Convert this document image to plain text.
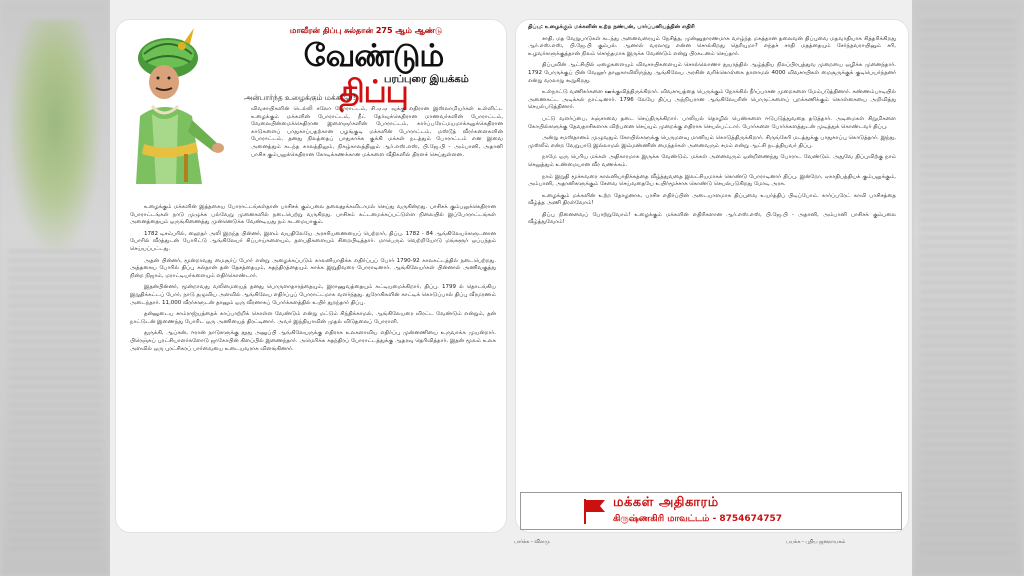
மாவீரன் திப்பு சுல்தான் 275 ஆம் ஆண்டு
வேண்டும் திப்பு
பரப்புரை இயக்கம்
அன்பார்ந்த உழைக்கும் மக்களே!
விவசாயிகளின் டெல்லி சலோ போராட்டம், சி.ஏ.ஏ வுக்கு எதிரான இஸ்லாமியர்கள் உள்ளிட்ட உழைக்கும் மக்களின் போராட்டம், நீட் தேர்வுக்கெதிரான மாணவர்களின் போராட்டம், வேலையின்மைக்கெதிரான இளைஞர்களின் போராட்டம், கார்ப்பரேட்மயமாக்கலுக்கெதிரான காடுகளைப் பாதுகாப்பதற்கான பழங்குடி மக்களின் போராட்டம், மஸ்டூத் வீரர்களைகளின் போராட்டம், தனது நிலத்தைப் பாதுகாக்க குக்கி மக்கள் நடத்தும் போராட்டம் என இவை அனைத்தும் கடந்த காலத்திலும், நிகழ்காலத்திலும் ஆர்.எஸ்.எஸ், பி.ஜே.பி - அம்பானி, அதானி பாசிச கும்பலுக்கெதிரான கோடிக்கணக்கான மக்களை வீதிகளில் திரளச் செய்துள்ளன.

உழைக்கும் மக்களின் இத்தகைய போராட்டங்கள்தான் பாசிசக் கும்பலை தலைதூக்கவிடாமல் செய்து வருகின்றது. பாசிசக் கும்பலுக்கெதிரான போராட்டங்கள் நாடு முழுக்க பல்வேறு முனைகளில் நடைபெற்று வருகிறது. பாசிசம் கட்டமைக்கப்பட்டுள்ள நிலையில் இப்போராட்டங்கள் அனைத்தையும் ஒருங்கிணைத்து முன்னெடுக்க வேண்டியது நம் கடமையாகும்.

1782 டிசம்பரில், ஹைதர் அலி இறந்த பின்னர், இளம் வயதிலேயே அரசரியணையைப் பெற்றார், திப்பு. 1782 - 84 ஆங்கிலேயர்களுடனான போரில் வீரத்துடன் போரிட்டு ஆங்கிலேயர் சிப்பாய்களையும், தளபதிகளையும் சிறைபிடித்தார். மாபெரும் வெற்றியோடு மங்களூர் ஒப்பந்தம் செய்யப்பட்டது.

அதன் பின்னர், மூன்றாவது மைசூர்ப் போர் என்று அழைக்கப்படும் காலனியாதிக்க எதிர்ப்புப் போர் 1790-92 காலகட்டத்தில் நடைபெற்றது. அத்தகைய போரில் திப்பு சுல்தான் தன் தேசத்தையும், சுதந்திரத்தையும் காக்க இறுதிவரை போராடினார். ஆங்கிலேயர்கள் பின்னால் அணிவகுத்து நின்ற நிஜாம், மராட்டியர்களையும் எதிர்கொண்டார்.

இதன்பின்னர், மூன்றாவது வலிமையைத் தனது பொருளாதாரத்தையும், இராணுவத்தையும் கட்டியமைக்கிறார், திப்பு. 1799 ல் தொடங்கிய இறுதிக்கட்டப் போர், நாடு தழுவிய அளவில் ஆங்கிலேய எதிர்ப்புப் போராட்டமாக வளர்ந்தது. துரோகிகளின் காட்டிக் கொடுப்பால் திப்பு வீரமரணம் அடைந்தார். 11,000 வீரர்களுடன் தானும் ஒரு வீரனாகப் போர்க்களத்தில் உயிர் துறந்தார் திப்பு.

தன்னுடைய சாம்ராஜ்யத்தைக் காப்பாற்றிக் கொள்ள வேண்டும் என்று மட்டும் சிந்திக்காமல், ஆங்கிலேயரை விரட்ட வேண்டும் என்றும், தன் நாட்டுடன் இணைந்து போரிட ஒரு அணியைத் திரட்டினார். அவர் இந்தியாவின் முதல் விடுதலைப் போராளி.

துருக்கி, ஆப்கன், ஈரான் நாடுகளுக்கு தூது அனுப்பி ஆங்கிலேயருக்கு எதிராக உலகளாவிய எதிர்ப்பு முன்னணியை உருவாக்க முயன்றார். பிரெஞ்சுப் புரட்சியாளர்களோடு ஜாகோபின் கிளப்பில் இணைந்தார். அமெரிக்க சுதந்திரப் போராட்டத்துக்கு ஆதரவு தெரிவித்தார். இதன் மூலம் உலக அளவில் ஒரு புரட்சிகரப் பார்வையை உடையவராக விளங்கினார்.

திப்பு: உழைக்கும் மக்களின் உற்ற நண்பன், பார்ப்பனியத்தின் எதிரி

சாதி, மத வேறுபாடுகள் கடந்து அனைவரையும் நேசித்த, முன்னுதாரணமாக வாழ்ந்த மகத்தான தலைவன் திப்புவை மதவாதியாக சித்தரிக்கிறது ஆர்.எஸ்.எஸ், பி.ஜே.பி கும்பல். ஆனால் வரலாறு என்ன சொல்கிறது தெரியுமா? எந்தச் சாதி மதத்தையும் சேர்ந்தவராயினும் சரி, உழவர்களுக்குத்தான் நிலம் சொந்தமாக இருக்க வேண்டும் என்று பிரகடனம் செய்தார்.

திப்புவின் ஆட்சியில் ஏழைகளையும் விவசாயிகளையும் சொல்லொணா துயரத்தில் ஆழ்த்திய நிலப்பிரபுத்துவ முறையை ஒழிக்க முனைந்தார். 1792 போருக்குப் பின் வேலூர் தாலுகாவிலிருந்து ஆங்கிலேய அரசின் வரிக்கொள்கை தாளாமல் 4000 விவசாயிகள் மைசூருக்குக் குடிபெயர்ந்தனர் என்று வரலாறு கூறுகிறது.

உள்நாட்டு வணிகர்களை ஊக்குவித்திருக்கிறார். விவசாயத்தை பெருக்கும் நோக்கில் நீர்ப்பாசன முறைகளை மேம்படுத்தினார். கண்ணம்பாடியில் அணைகட்ட அடிக்கல் நாட்டினார். 1796 லேயே திப்பு அந்நியரான ஆங்கிலேயரின் பொருட்களைப் புறக்கணிக்கும் கொள்கையை அறிவித்து செயல்படுத்தினார்.

பட்டு வளர்ப்பை, கஞ்சாவை தடை செய்திருக்கிறார். பாலியல் தொழில் பெண்களை ஈடுபடுத்துவதை தடுத்தார். அடிமைகள் சிறுமிகளை கோயில்களுக்கு தேவதாசிகளாக விற்பனை செய்யும் முறைக்கு எதிராக செயல்பட்டார். போர்களை போர்க்களத்துடன் முடித்துக் கொண்டவர் திப்பு.

அன்று சமஸ்தானம் முழுவதும் கோயில்களுக்கு பெருமளவு மானியம் கொடுத்திருக்கிறார். சிருங்கேரி மடத்துக்கு பாதுகாப்பு கொடுத்தார். இந்து, முஸ்லீம் என்ற வேறுபாடு இல்லாமல் இம்மண்ணின் மைந்தர்கள் அனைவரும் சமம் என்று ஆட்சி நடத்தியவர் திப்பு.

நாமே ஒரு பெரிய மக்கள் அதிகாரமாக இருக்க வேண்டும். மக்கள் அனைவரும் ஒன்றிணைந்து போராட வேண்டும். அதுவே திப்புவிற்கு நாம் செலுத்தும் உண்மையான வீர வணக்கம்.

நாம் இறுதி மூச்சுவரை காலனியாதிக்கத்தை வீழ்த்துவதை இலட்சியமாகக் கொண்டு போராடினார் திப்பு. இன்றோ, ஏகாதிபத்தியக் கும்பலுக்கும், அம்பானி, அதானிகளுக்கும் சேவை செய்வதையே உயிர்மூச்சாக கொண்டு செயல்படுகிறது மோடி அரசு.

உழைக்கும் மக்களின் உற்ற தோழனாக, பாசிச எதிர்ப்பின் அடையாளமாக திப்புவை உயர்த்திப் பிடிப்போம். கார்ப்பரேட் காவி பாசிசத்தை வீழ்த்த அணி திரள்வோம்!

திப்பு நினைவைப் போற்றுவோம்! உழைக்கும் மக்களின் எதிரிகளான ஆர்.எஸ்.எஸ், பி.ஜே.பி - அதானி, அம்பானி பாசிசக் கும்பலை வீழ்த்துவோம்!

மக்கள் அதிகாரம்
கிருஷ்ணகிரி மாவட்டம் - 8754674757
பார்க்க - விளமு	பயக்க - புதிய ஜனநாயகம்
